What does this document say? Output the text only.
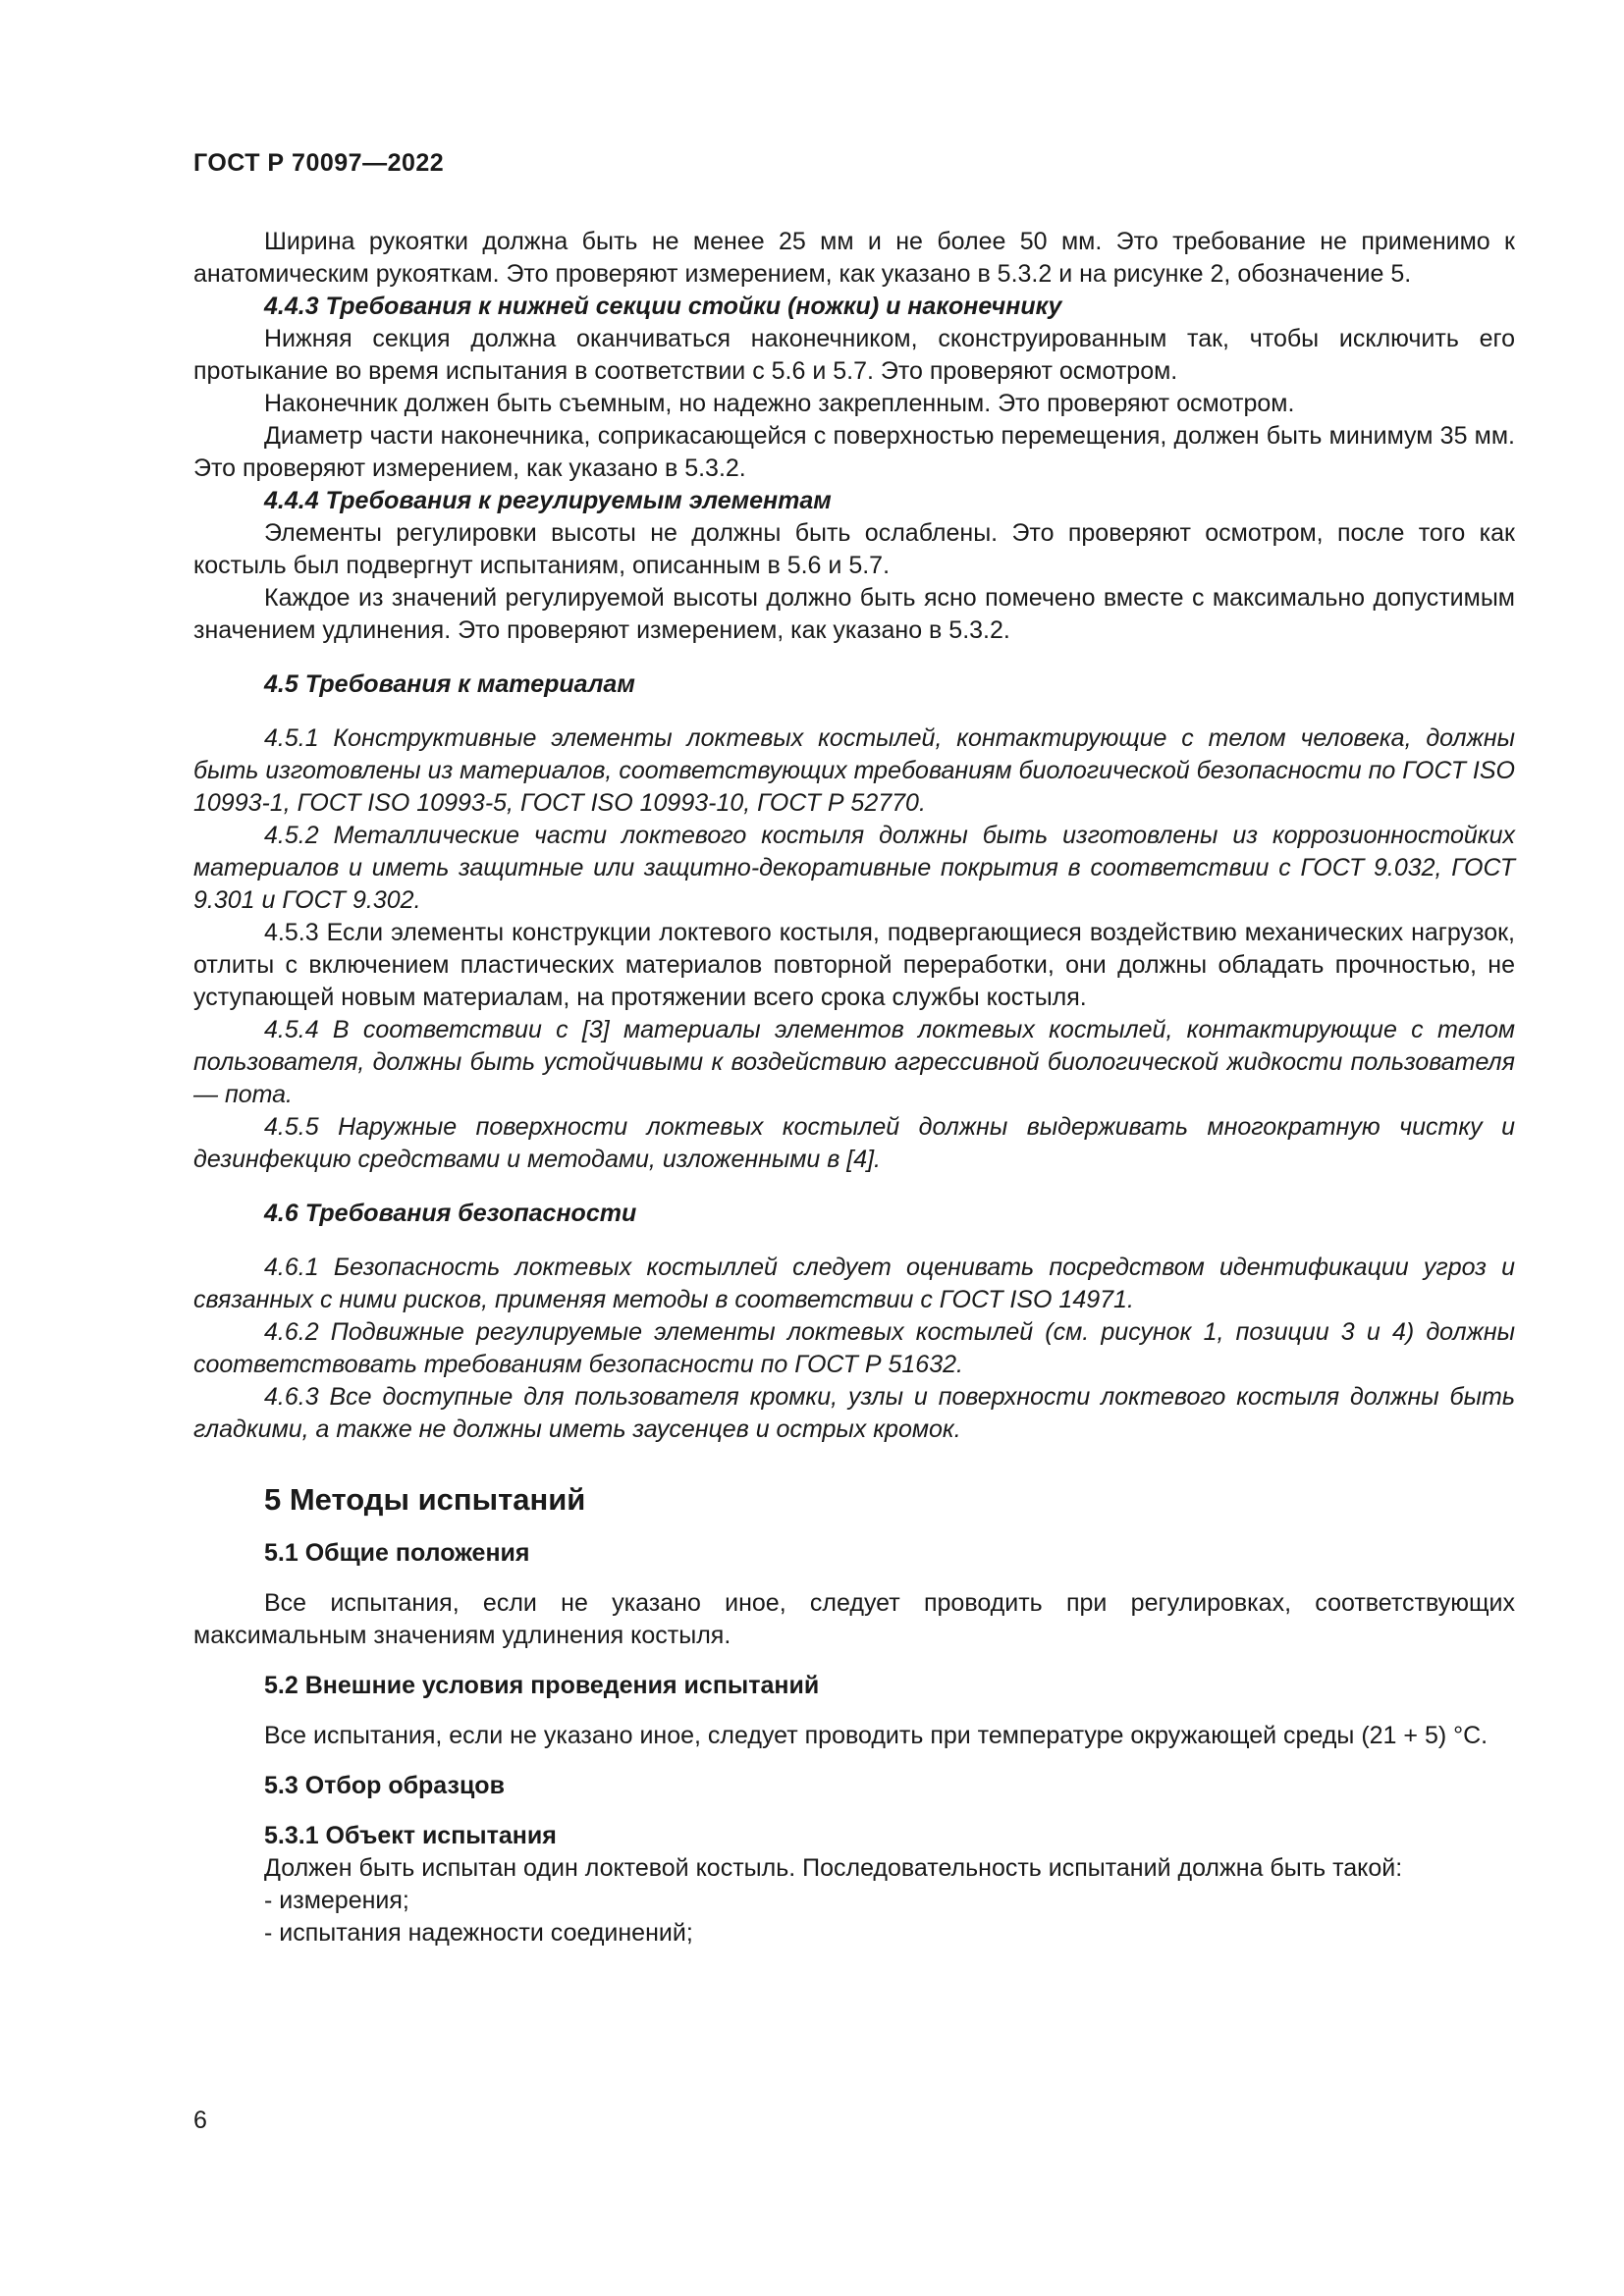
ГОСТ Р 70097—2022

Ширина рукоятки должна быть не менее 25 мм и не более 50 мм. Это требование не применимо к анатомическим рукояткам. Это проверяют измерением, как указано в 5.3.2 и на рисунке 2, обозначение 5.

4.4.3 Требования к нижней секции стойки (ножки) и наконечнику

Нижняя секция должна оканчиваться наконечником, сконструированным так, чтобы исключить его протыкание во время испытания в соответствии с 5.6 и 5.7. Это проверяют осмотром.

Наконечник должен быть съемным, но надежно закрепленным. Это проверяют осмотром.

Диаметр части наконечника, соприкасающейся с поверхностью перемещения, должен быть минимум 35 мм. Это проверяют измерением, как указано в 5.3.2.

4.4.4 Требования к регулируемым элементам

Элементы регулировки высоты не должны быть ослаблены. Это проверяют осмотром, после того как костыль был подвергнут испытаниям, описанным в 5.6 и 5.7.

Каждое из значений регулируемой высоты должно быть ясно помечено вместе с максимально допустимым значением удлинения. Это проверяют измерением, как указано в 5.3.2.

4.5 Требования к материалам

4.5.1 Конструктивные элементы локтевых костылей, контактирующие с телом человека, должны быть изготовлены из материалов, соответствующих требованиям биологической безопасности по ГОСТ ISO 10993-1, ГОСТ ISO 10993-5, ГОСТ ISO 10993-10, ГОСТ Р 52770.

4.5.2 Металлические части локтевого костыля должны быть изготовлены из коррозионностойких материалов и иметь защитные или защитно-декоративные покрытия в соответствии с ГОСТ 9.032, ГОСТ 9.301 и ГОСТ 9.302.

4.5.3 Если элементы конструкции локтевого костыля, подвергающиеся воздействию механических нагрузок, отлиты с включением пластических материалов повторной переработки, они должны обладать прочностью, не уступающей новым материалам, на протяжении всего срока службы костыля.

4.5.4 В соответствии с [3] материалы элементов локтевых костылей, контактирующие с телом пользователя, должны быть устойчивыми к воздействию агрессивной биологической жидкости пользователя — пота.

4.5.5 Наружные поверхности локтевых костылей должны выдерживать многократную чистку и дезинфекцию средствами и методами, изложенными в [4].

4.6 Требования безопасности

4.6.1 Безопасность локтевых костыллей следует оценивать посредством идентификации угроз и связанных с ними рисков, применяя методы в соответствии с ГОСТ ISO 14971.

4.6.2 Подвижные регулируемые элементы локтевых костылей (см. рисунок 1, позиции 3 и 4) должны соответствовать требованиям безопасности по ГОСТ Р 51632.

4.6.3 Все доступные для пользователя кромки, узлы и поверхности локтевого костыля должны быть гладкими, а также не должны иметь заусенцев и острых кромок.

5 Методы испытаний

5.1 Общие положения

Все испытания, если не указано иное, следует проводить при регулировках, соответствующих максимальным значениям удлинения костыля.

5.2 Внешние условия проведения испытаний

Все испытания, если не указано иное, следует проводить при температуре окружающей среды (21 + 5) °С.

5.3 Отбор образцов

5.3.1 Объект испытания

Должен быть испытан один локтевой костыль. Последовательность испытаний должна быть такой:

- измерения;

- испытания надежности соединений;

6
